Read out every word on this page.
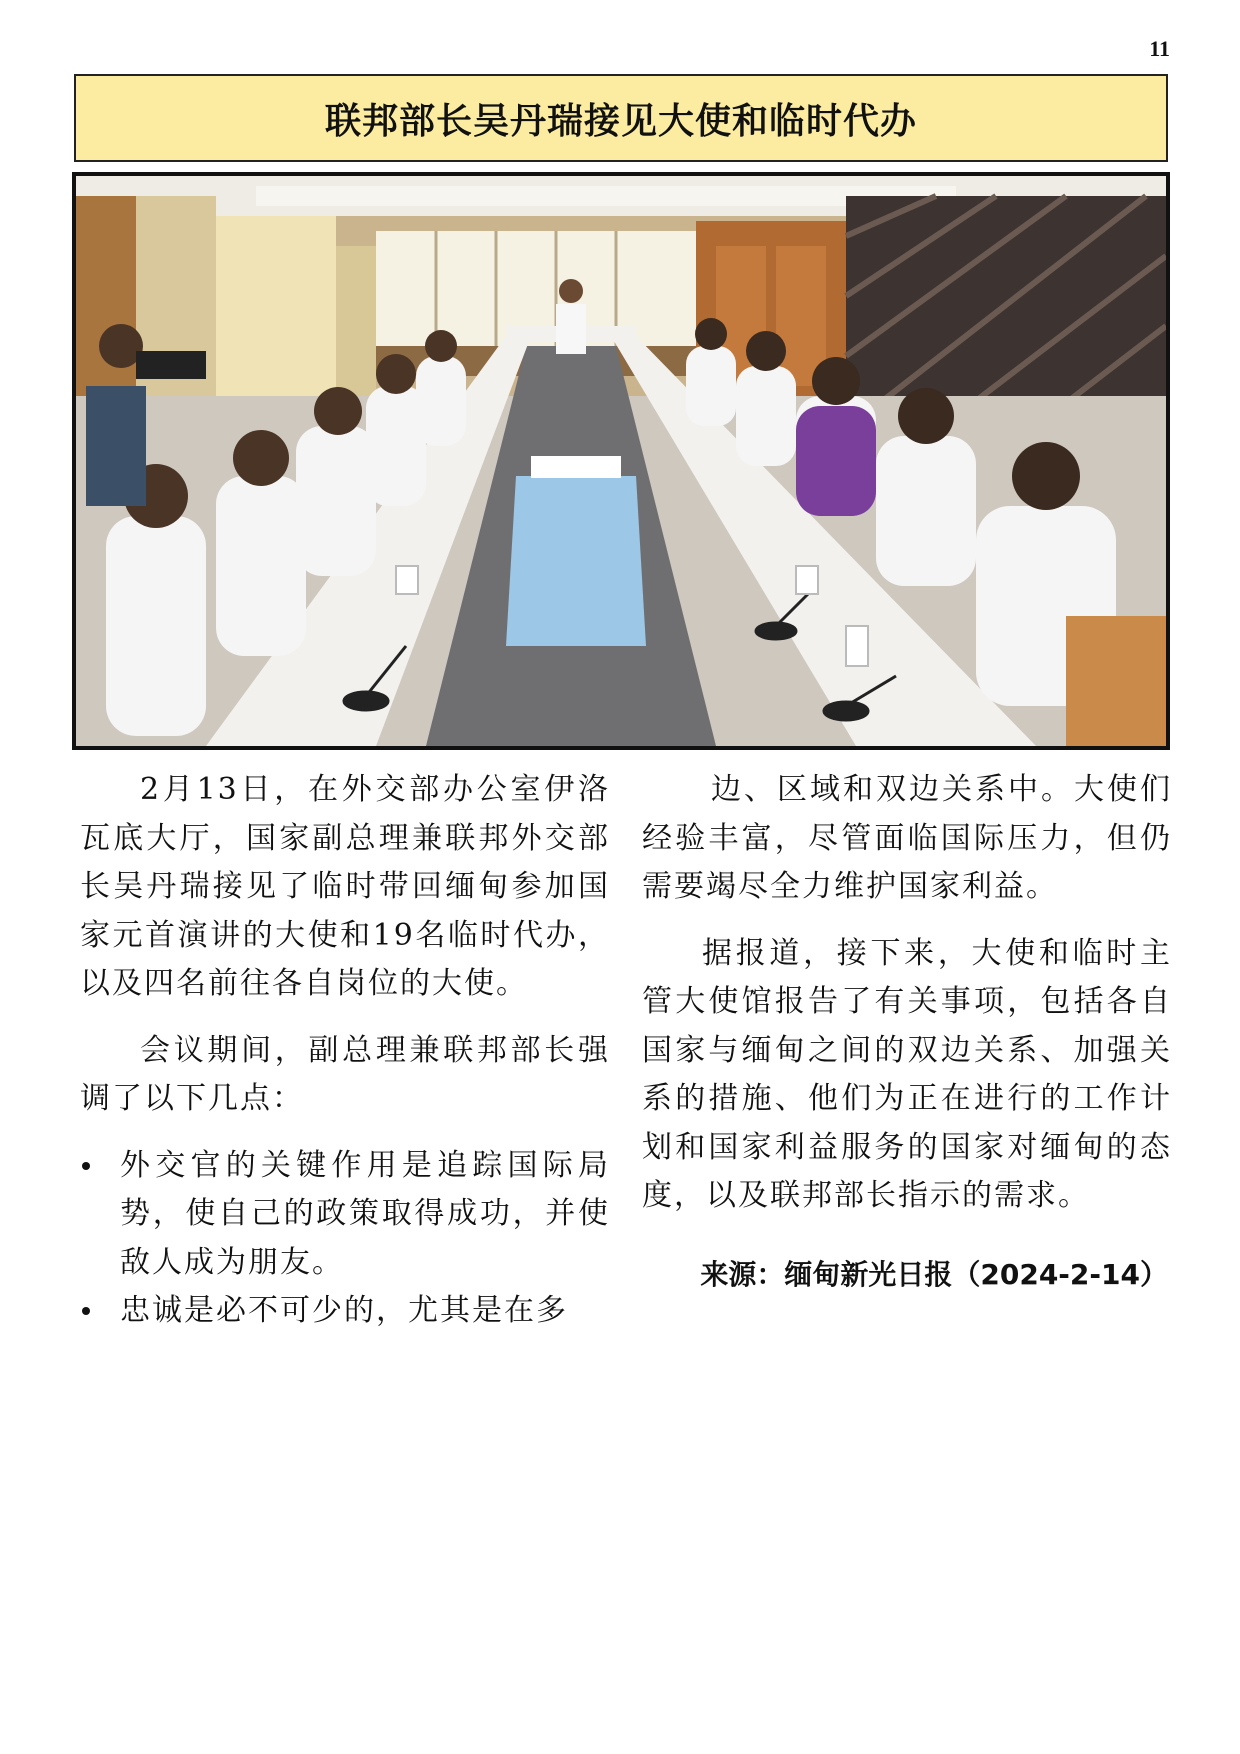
11
联邦部长吴丹瑞接见大使和临时代办

2月13日，在外交部办公室伊洛瓦底大厅，国家副总理兼联邦外交部长吴丹瑞接见了临时带回缅甸参加国家元首演讲的大使和19名临时代办，以及四名前往各自岗位的大使。

会议期间，副总理兼联邦部长强调了以下几点：

外交官的关键作用是追踪国际局势，使自己的政策取得成功，并使敌人成为朋友。
忠诚是必不可少的，尤其是在多

边、区域和双边关系中。大使们经验丰富，尽管面临国际压力，但仍需要竭尽全力维护国家利益。

据报道，接下来，大使和临时主管大使馆报告了有关事项，包括各自国家与缅甸之间的双边关系、加强关系的措施、他们为正在进行的工作计划和国家利益服务的国家对缅甸的态度，以及联邦部长指示的需求。

来源：缅甸新光日报（2024-2-14）
